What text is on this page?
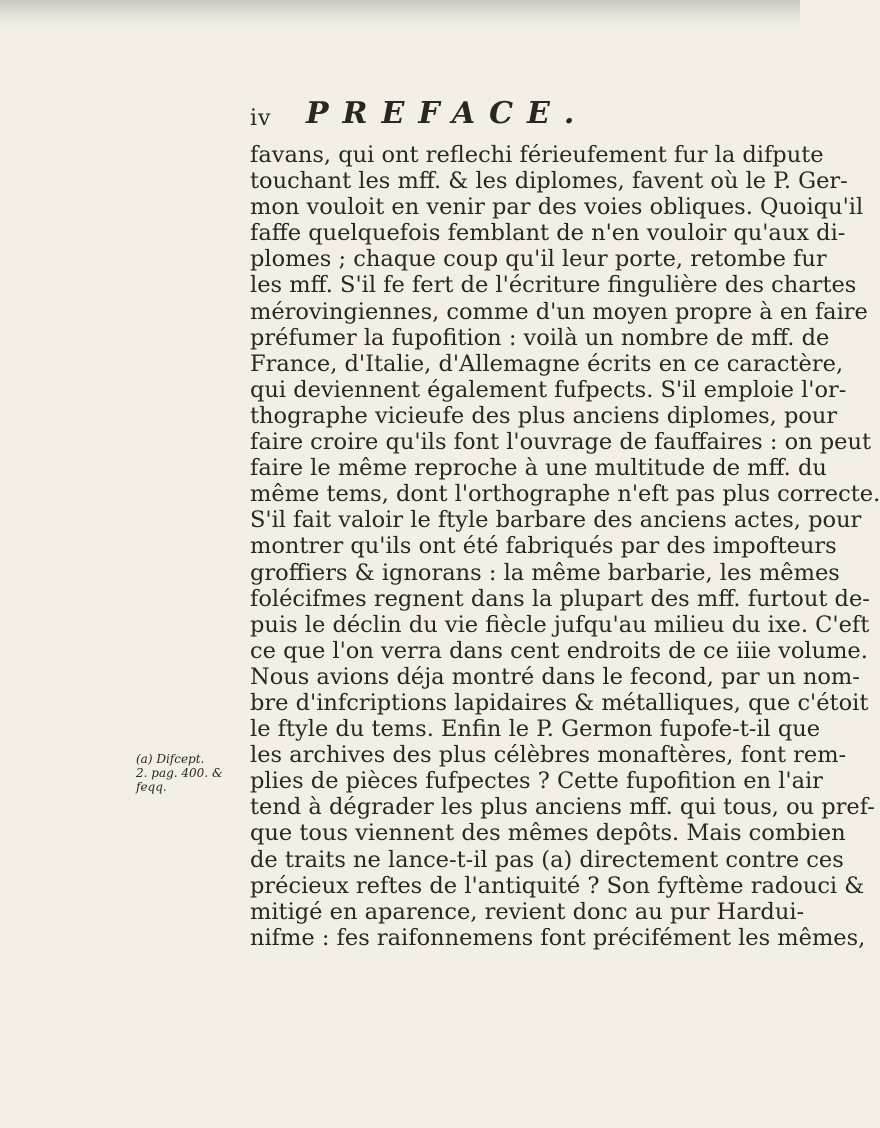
iv PREFACE.
favans, qui ont reflechi férieufement fur la difpute
touchant les mff. & les diplomes, favent où le P. Ger-
mon vouloit en venir par des voies obliques. Quoiqu'il
faffe quelquefois femblant de n'en vouloir qu'aux di-
plomes ; chaque coup qu'il leur porte, retombe fur
les mff. S'il fe fert de l'écriture fingulière des chartes
mérovingiennes, comme d'un moyen propre à en faire
préfumer la fupofition : voilà un nombre de mff. de
France, d'Italie, d'Allemagne écrits en ce caractère,
qui deviennent également fufpects. S'il emploie l'or-
thographe vicieufe des plus anciens diplomes, pour
faire croire qu'ils font l'ouvrage de fauffaires : on peut
faire le même reproche à une multitude de mff. du
même tems, dont l'orthographe n'eft pas plus correcte.
S'il fait valoir le ftyle barbare des anciens actes, pour
montrer qu'ils ont été fabriqués par des impofteurs
groffiers & ignorans : la même barbarie, les mêmes
folécifmes regnent dans la plupart des mff. furtout de-
puis le déclin du vie fiècle jufqu'au milieu du ixe. C'eft
ce que l'on verra dans cent endroits de ce iiie volume.
Nous avions déja montré dans le fecond, par un nom-
bre d'infcriptions lapidaires & métalliques, que c'étoit
le ftyle du tems. Enfin le P. Germon fupofe-t-il que
les archives des plus célèbres monaftères, font rem-
plies de pièces fufpectes ? Cette fupofition en l'air
tend à dégrader les plus anciens mff. qui tous, ou pref-
que tous viennent des mêmes depôts. Mais combien
de traits ne lance-t-il pas (a) directement contre ces
précieux reftes de l'antiquité ? Son fyftème radouci &
mitigé en aparence, revient donc au pur Hardui-
nifme : fes raifonnemens font précifément les mêmes,
(a) Difcept.
2. pag. 400. &
feqq.
